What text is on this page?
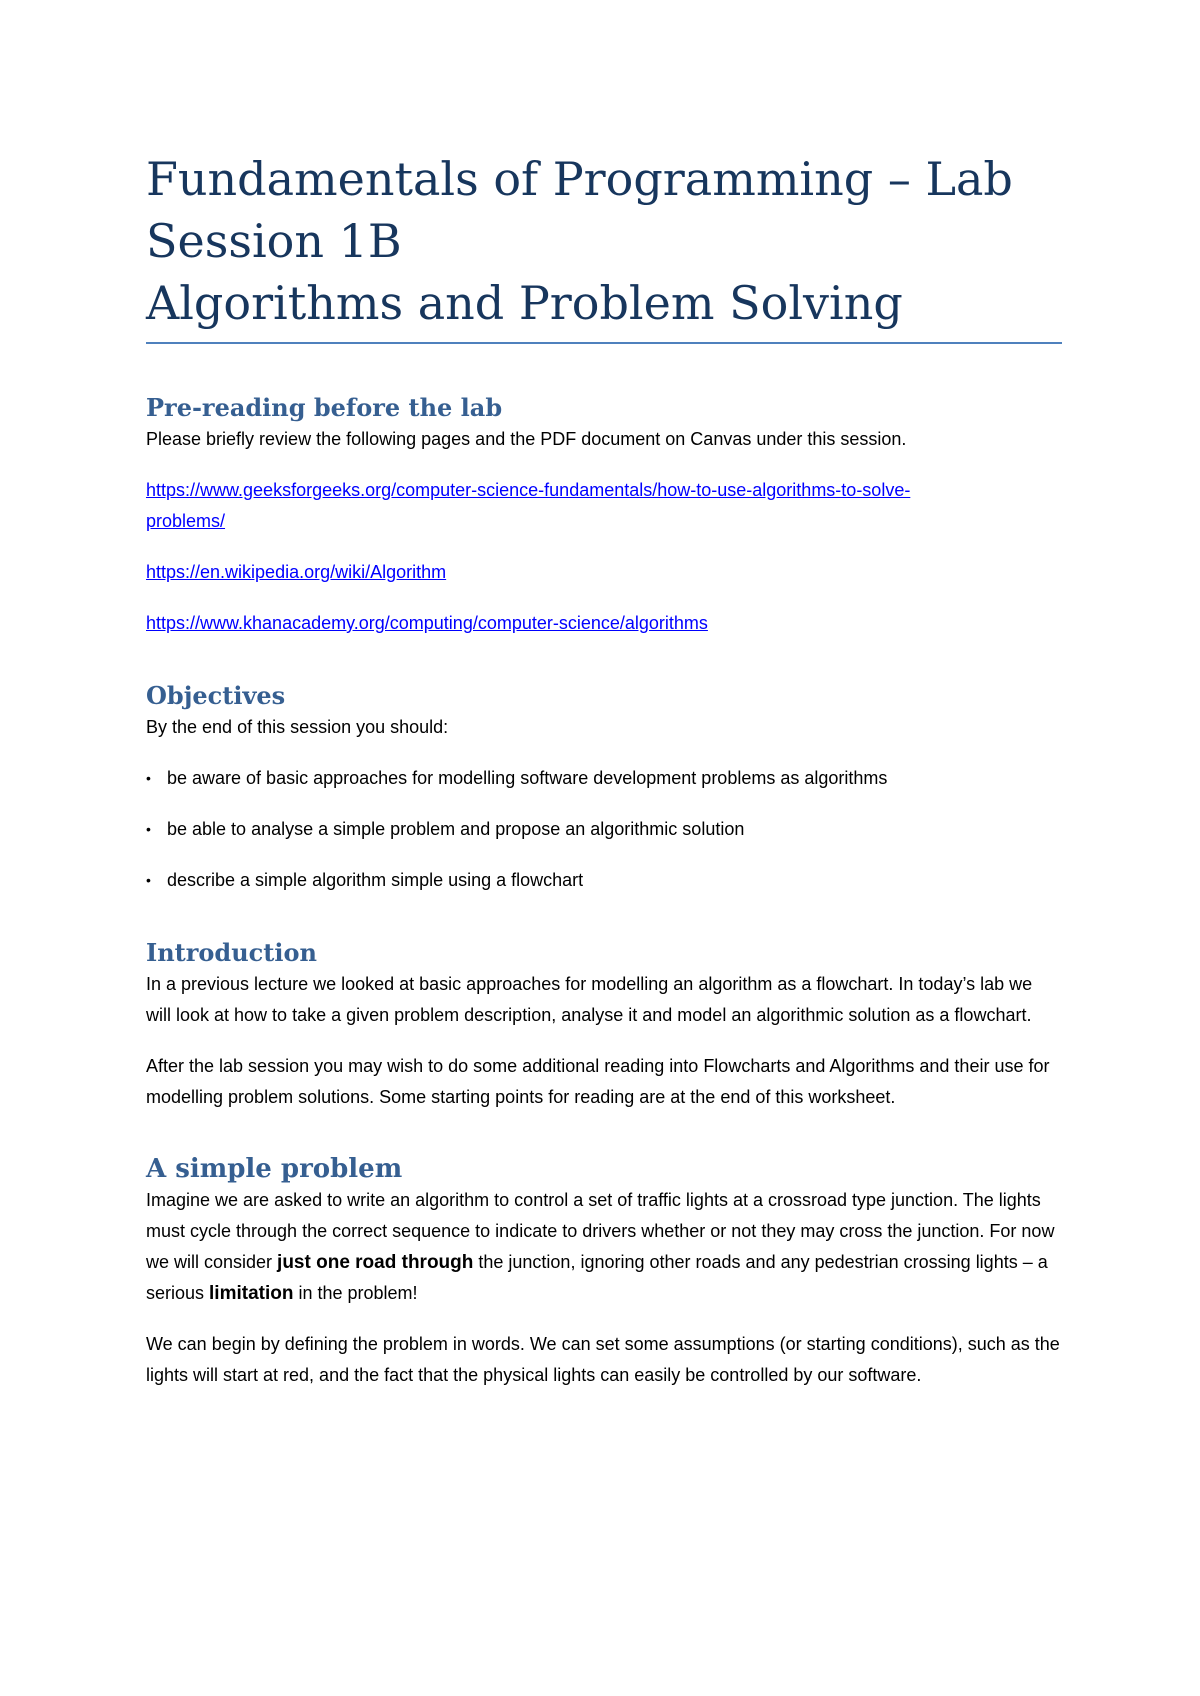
Fundamentals of Programming – Lab
Session 1B
Algorithms and Problem Solving
Pre-reading before the lab

Please briefly review the following pages and the PDF document on Canvas under this session.

https://www.geeksforgeeks.org/computer-science-fundamentals/how-to-use-algorithms-to-solve-
problems/

https://en.wikipedia.org/wiki/Algorithm

https://www.khanacademy.org/computing/computer-science/algorithms

Objectives

By the end of this session you should:

• be aware of basic approaches for modelling software development problems as algorithms
• be able to analyse a simple problem and propose an algorithmic solution
• describe a simple algorithm simple using a flowchart
Introduction

In a previous lecture we looked at basic approaches for modelling an algorithm as a flowchart. In today’s lab we will look at how to take a given problem description, analyse it and model an algorithmic solution as a flowchart.

After the lab session you may wish to do some additional reading into Flowcharts and Algorithms and their use for modelling problem solutions. Some starting points for reading are at the end of this worksheet.

A simple problem

Imagine we are asked to write an algorithm to control a set of traffic lights at a crossroad type junction. The lights must cycle through the correct sequence to indicate to drivers whether or not they may cross the junction. For now we will consider just one road through the junction, ignoring other roads and any pedestrian crossing lights – a serious limitation in the problem!

We can begin by defining the problem in words. We can set some assumptions (or starting conditions), such as the lights will start at red, and the fact that the physical lights can easily be controlled by our software.
